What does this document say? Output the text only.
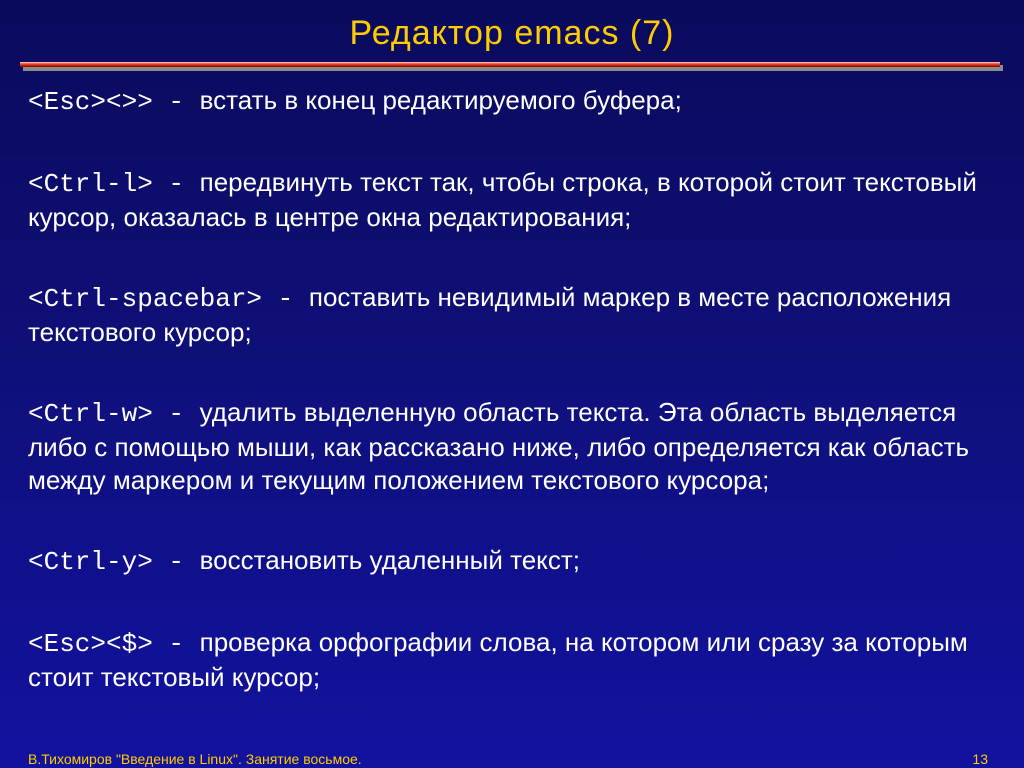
Редактор emacs (7)
<Esc><>> - встать в конец редактируемого буфера;
<Ctrl-l> - передвинуть текст так, чтобы строка, в которой стоит текстовый курсор, оказалась в центре окна редактирования;
<Ctrl-spacebar> - поставить невидимый маркер в месте расположения текстового курсор;
<Ctrl-w> - удалить выделенную область текста. Эта область выделяется либо с помощью мыши, как рассказано ниже, либо определяется как область между маркером и текущим положением текстового курсора;
<Ctrl-y> - восстановить удаленный текст;
<Esc><$> - проверка орфографии слова, на котором или сразу за которым стоит текстовый курсор;
В.Тихомиров "Введение в Linux". Занятие восьмое.	13
